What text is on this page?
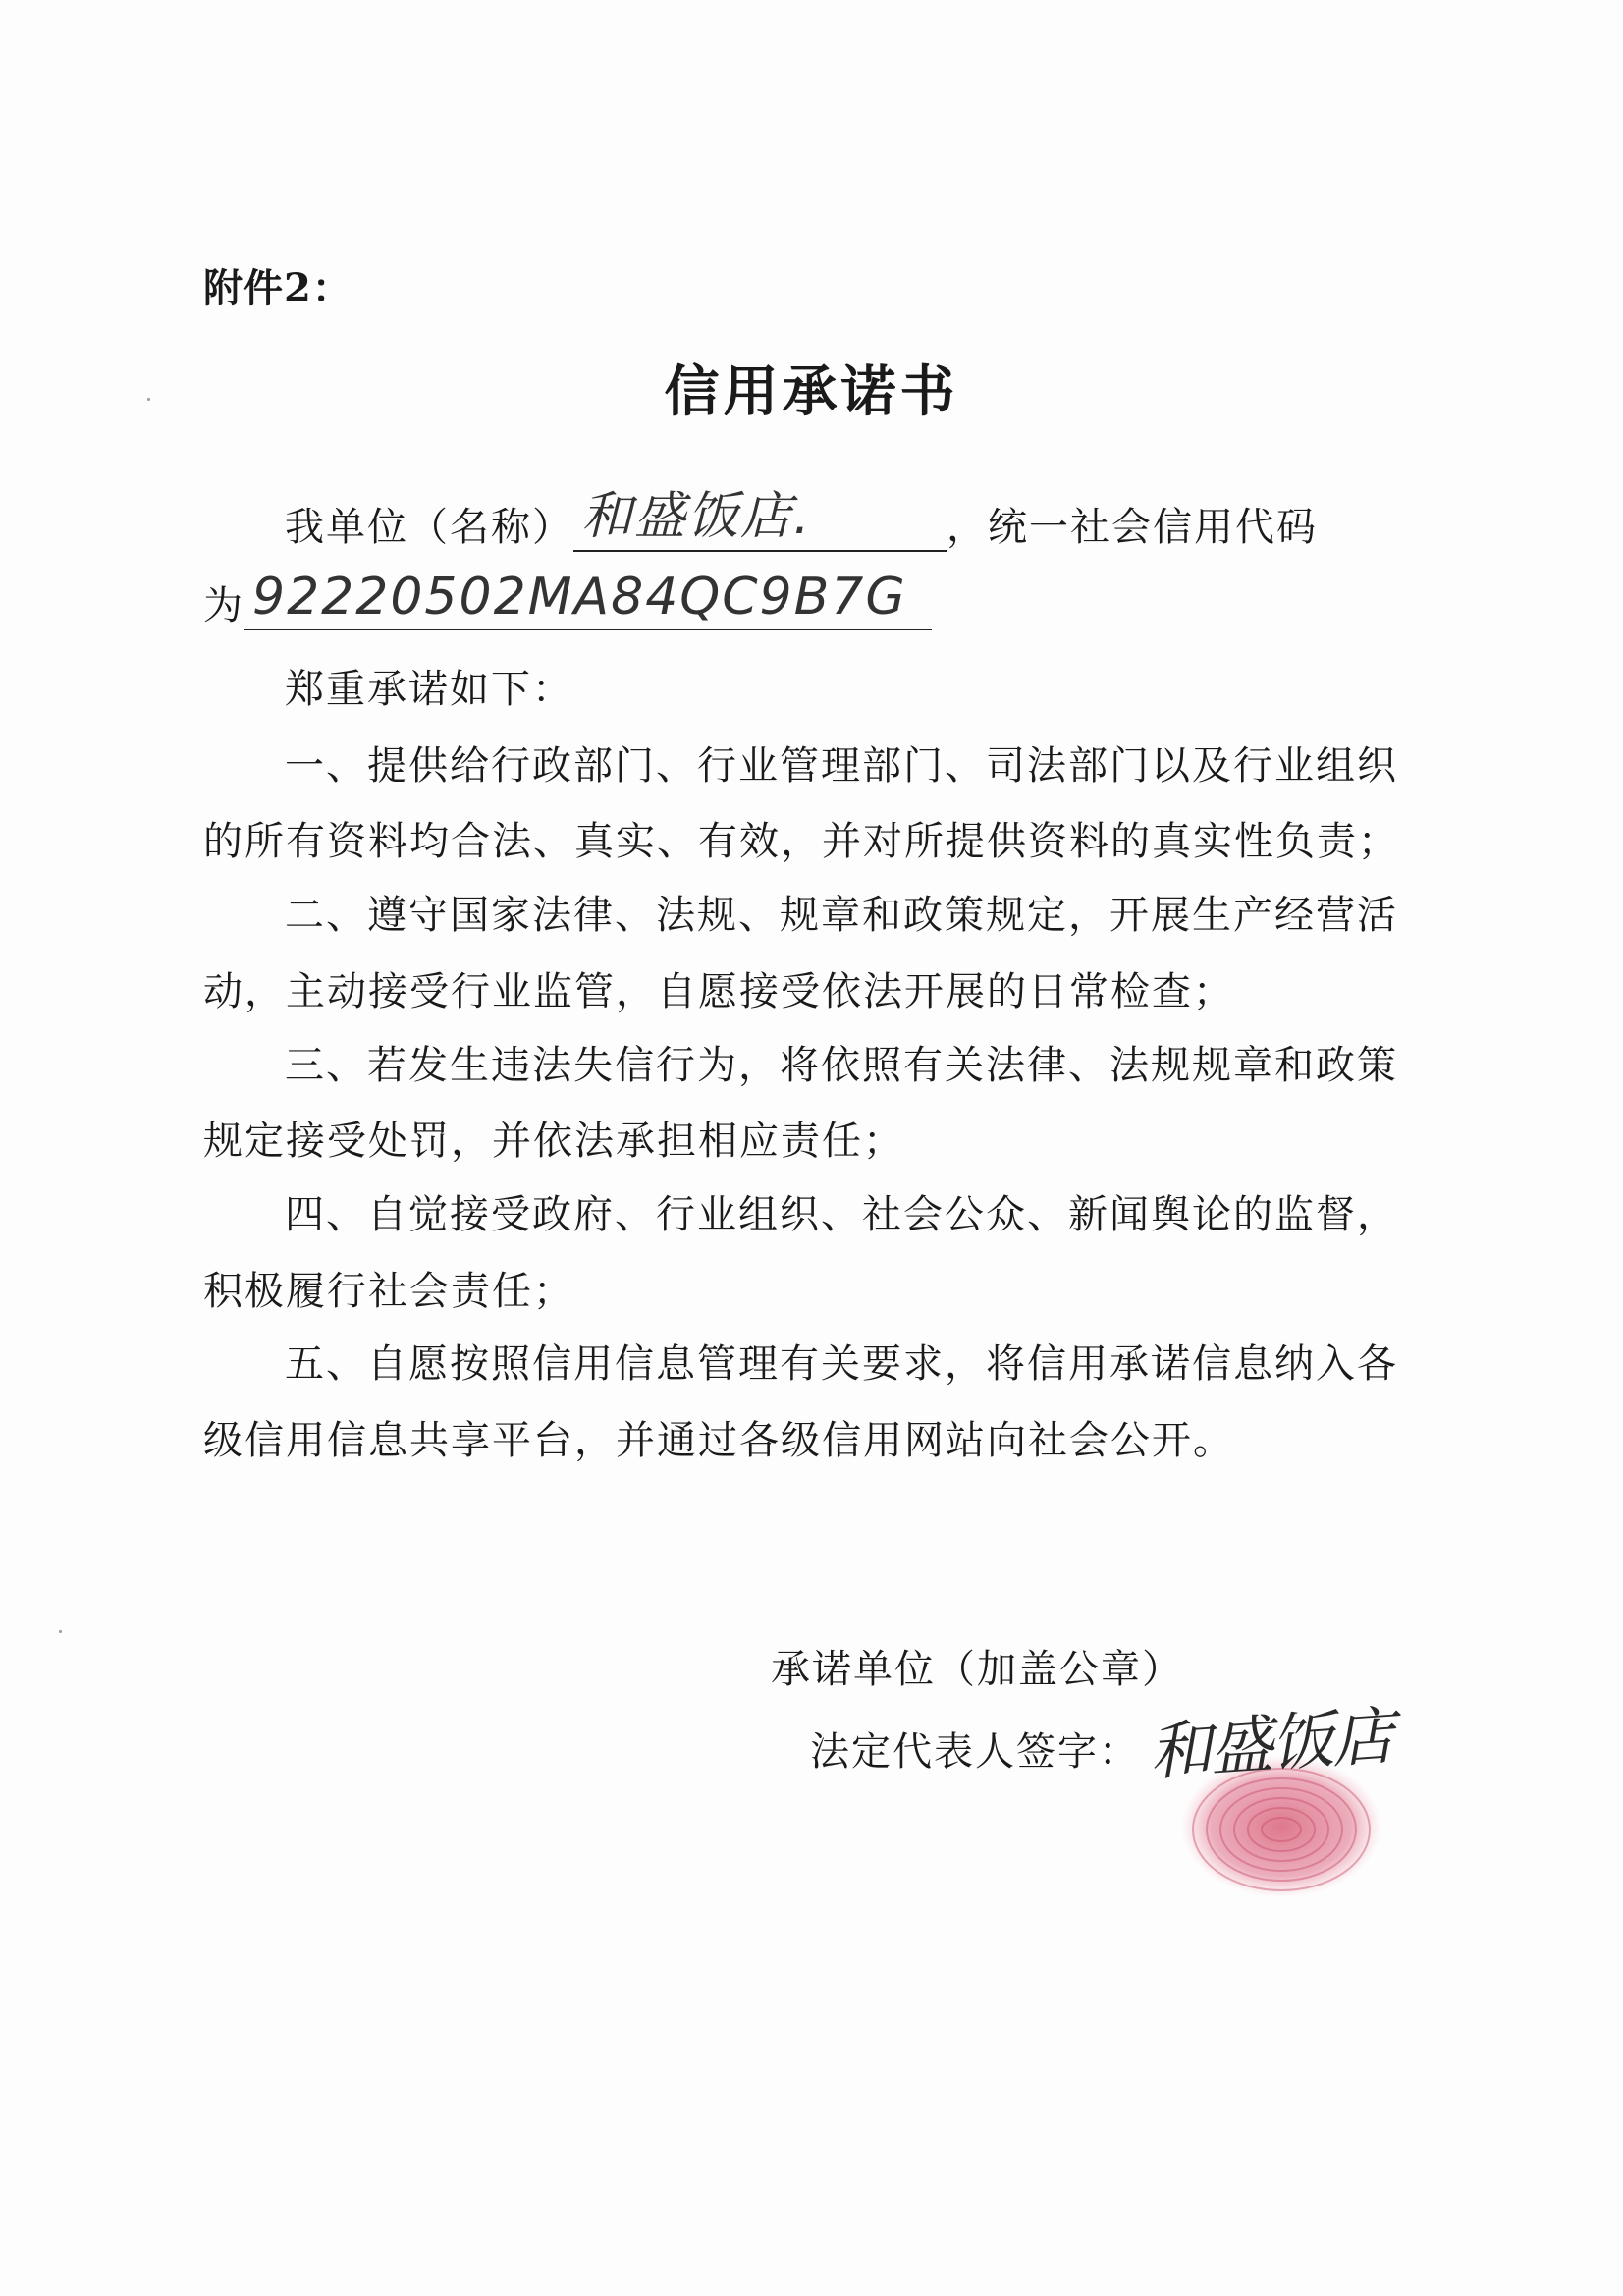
附件2：
信用承诺书
我单位（名称） 和盛饭店.	，统一社会信用代码
为 92220502MA84QC9B7G
郑重承诺如下：
一、提供给行政部门、行业管理部门、司法部门以及行业组织
的所有资料均合法、真实、有效，并对所提供资料的真实性负责；
二、遵守国家法律、法规、规章和政策规定，开展生产经营活
动，主动接受行业监管，自愿接受依法开展的日常检查；
三、若发生违法失信行为，将依照有关法律、法规规章和政策
规定接受处罚，并依法承担相应责任；
四、自觉接受政府、行业组织、社会公众、新闻舆论的监督，
积极履行社会责任；
五、自愿按照信用信息管理有关要求，将信用承诺信息纳入各
级信用信息共享平台，并通过各级信用网站向社会公开。
承诺单位（加盖公章）
法定代表人签字： 和盛饭店
